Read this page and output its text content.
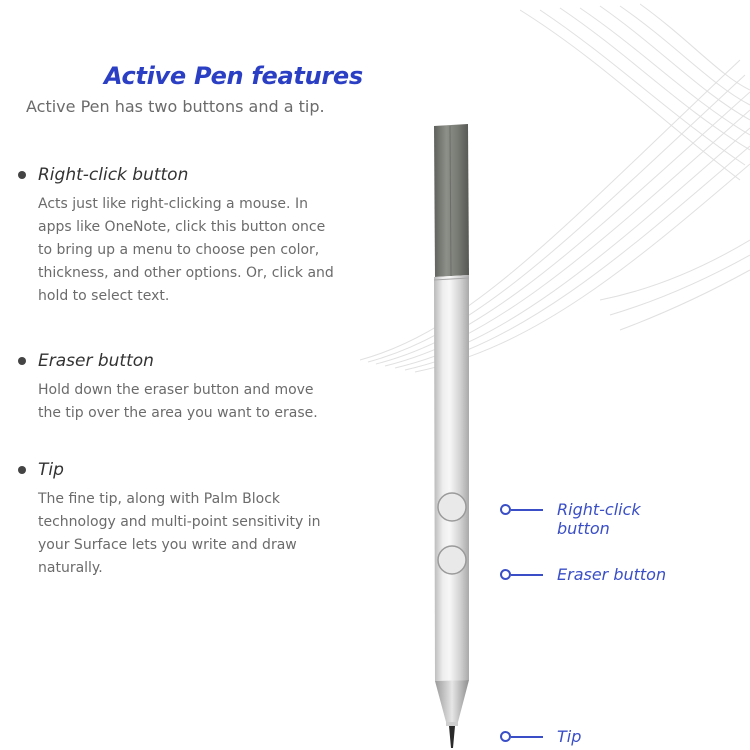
Active Pen features
Active Pen has two buttons and a tip.
Right-click button
Acts just like right-clicking a mouse. In apps like OneNote, click this button once to bring up a menu to choose pen color, thickness, and other options. Or, click and hold to select text.
Eraser button
Hold down the eraser button and move the tip over the area you want to erase.
Tip
The fine tip, along with Palm Block technology and multi-point sensitivity in your Surface lets you write and draw naturally.
Right-click button
Eraser button
Tip
